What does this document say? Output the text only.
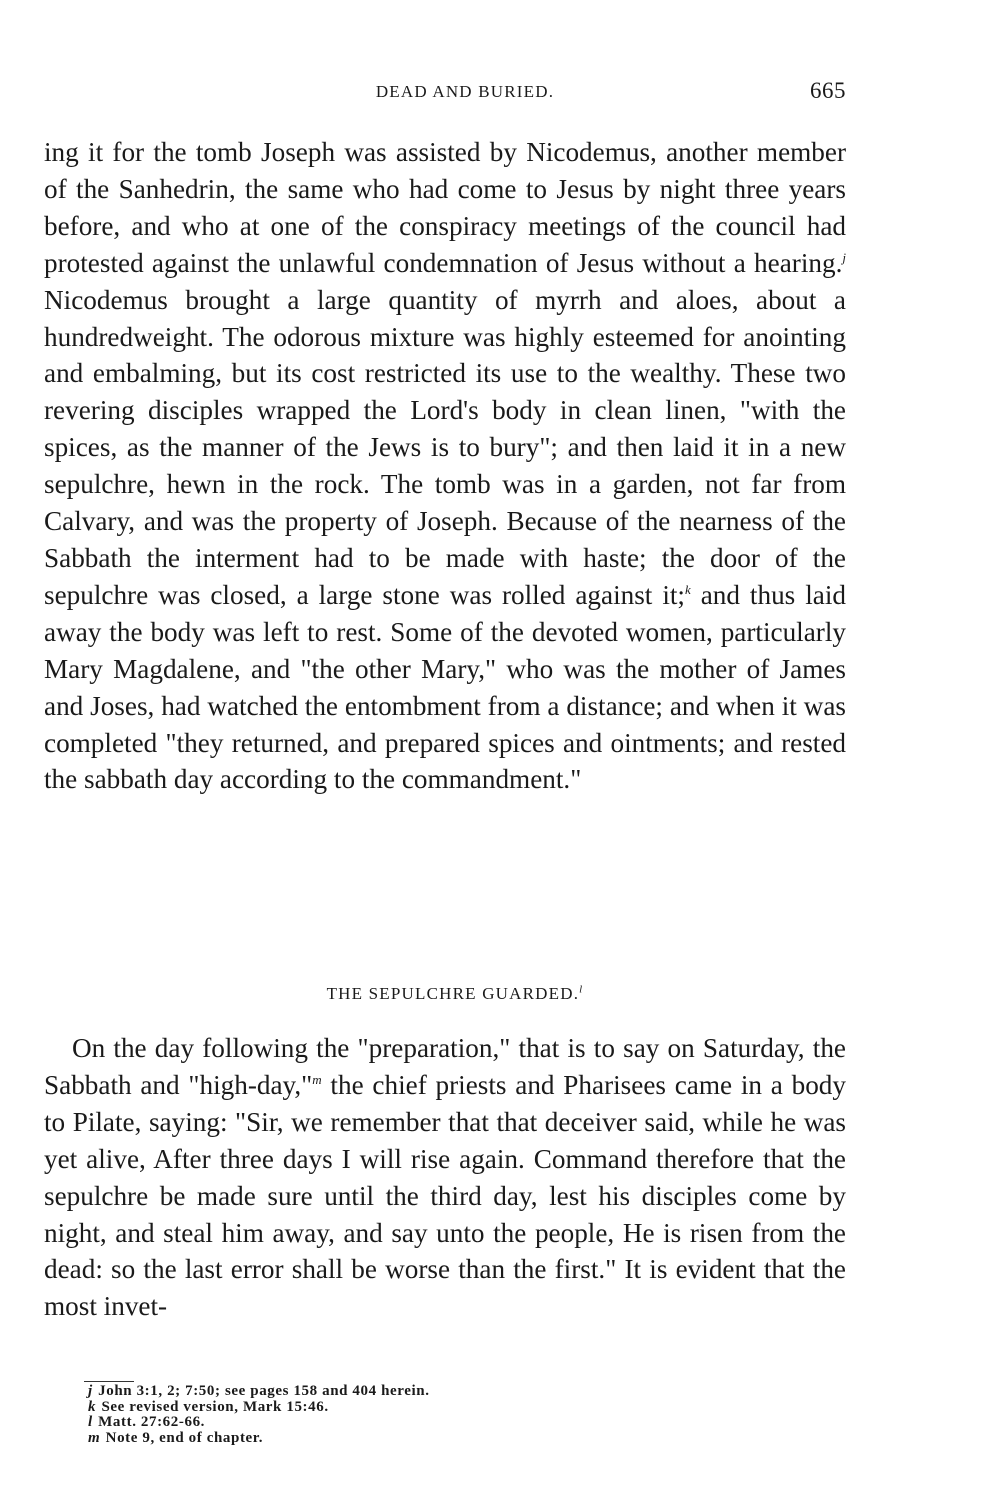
DEAD AND BURIED.	665

ing it for the tomb Joseph was assisted by Nicodemus, another member of the Sanhedrin, the same who had come to Jesus by night three years before, and who at one of the conspiracy meetings of the council had protested against the unlawful condemnation of Jesus without a hearing.$^j$ Nicodemus brought a large quantity of myrrh and aloes, about a hundredweight. The odorous mixture was highly esteemed for anointing and embalming, but its cost restricted its use to the wealthy. These two revering disciples wrapped the Lord's body in clean linen, "with the spices, as the manner of the Jews is to bury"; and then laid it in a new sepulchre, hewn in the rock. The tomb was in a garden, not far from Calvary, and was the property of Joseph. Because of the nearness of the Sabbath the interment had to be made with haste; the door of the sepulchre was closed, a large stone was rolled against it;$^k$ and thus laid away the body was left to rest. Some of the devoted women, particularly Mary Magdalene, and "the other Mary," who was the mother of James and Joses, had watched the entombment from a distance; and when it was completed "they returned, and prepared spices and ointments; and rested the sabbath day according to the commandment."

THE SEPULCHRE GUARDED.$^l$

On the day following the "preparation," that is to say on Saturday, the Sabbath and "high-day,"$^m$ the chief priests and Pharisees came in a body to Pilate, saying: "Sir, we remember that that deceiver said, while he was yet alive, After three days I will rise again. Command therefore that the sepulchre be made sure until the third day, lest his disciples come by night, and steal him away, and say unto the people, He is risen from the dead: so the last error shall be worse than the first." It is evident that the most invet-

j John 3:1, 2; 7:50; see pages 158 and 404 herein.

k See revised version, Mark 15:46.

l Matt. 27:62-66.

m Note 9, end of chapter.
